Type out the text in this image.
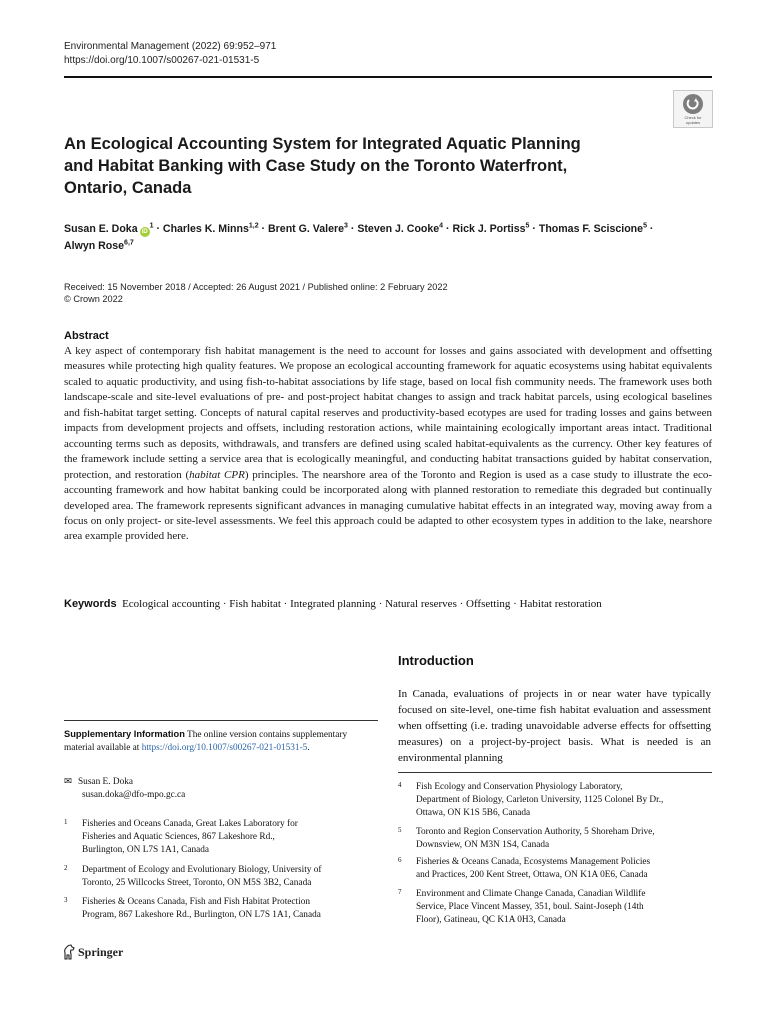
Environmental Management (2022) 69:952–971
https://doi.org/10.1007/s00267-021-01531-5
Check for
updates
An Ecological Accounting System for Integrated Aquatic Planning
and Habitat Banking with Case Study on the Toronto Waterfront,
Ontario, Canada
Susan E. Doka $iD^1$ · Charles K. Minns$^{1,2}$ · Brent G. Valere$^3$ · Steven J. Cooke$^4$ · Rick J. Portiss$^5$ · Thomas F. Sciscione$^5$ ·
Alwyn Rose$^{6,7}$
Received: 15 November 2018 / Accepted: 26 August 2021 / Published online: 2 February 2022
© Crown 2022
Abstract
A key aspect of contemporary fish habitat management is the need to account for losses and gains associated with development and offsetting measures while protecting high quality features. We propose an ecological accounting framework for aquatic ecosystems using habitat equivalents scaled to aquatic productivity, and using fish-to-habitat associations by life stage, based on local fish community needs. The framework uses both landscape-scale and site-level evaluations of pre- and post-project habitat changes to assign and track habitat parcels, using ecological baselines and fish-habitat target setting. Concepts of natural capital reserves and productivity-based ecotypes are used for trading losses and gains between impacts from development projects and offsets, including restoration actions, while maintaining ecologically important areas intact. Traditional accounting terms such as deposits, withdrawals, and transfers are defined using scaled habitat-equivalents as the currency. Other key features of the framework include setting a service area that is ecologically meaningful, and conducting habitat transactions guided by habitat conservation, protection, and restoration (habitat CPR) principles. The nearshore area of the Toronto and Region is used as a case study to illustrate the eco-accounting framework and how habitat banking could be incorporated along with planned restoration to remediate this degraded but continually developed area. The framework represents significant advances in managing cumulative habitat effects in an integrated way, moving away from a focus on only project- or site-level assessments. We feel this approach could be adapted to other ecosystem types in addition to the lake, nearshore area example provided here.
Keywords Ecological accounting · Fish habitat · Integrated planning · Natural reserves · Offsetting · Habitat restoration
Introduction
In Canada, evaluations of projects in or near water have typically focused on site-level, one-time fish habitat evaluation and assessment when offsetting (i.e. trading unavoidable adverse effects for offsetting measures) on a project-by-project basis. What is needed is an environmental planning
Supplementary Information The online version contains supplementary material available at https://doi.org/10.1007/s00267-021-01531-5.
✉ Susan E. Doka
susan.doka@dfo-mpo.gc.ca
1 Fisheries and Oceans Canada, Great Lakes Laboratory for
Fisheries and Aquatic Sciences, 867 Lakeshore Rd.,
Burlington, ON L7S 1A1, Canada
2 Department of Ecology and Evolutionary Biology, University of
Toronto, 25 Willcocks Street, Toronto, ON M5S 3B2, Canada
3 Fisheries & Oceans Canada, Fish and Fish Habitat Protection
Program, 867 Lakeshore Rd., Burlington, ON L7S 1A1, Canada
4 Fish Ecology and Conservation Physiology Laboratory,
Department of Biology, Carleton University, 1125 Colonel By Dr.,
Ottawa, ON K1S 5B6, Canada
5 Toronto and Region Conservation Authority, 5 Shoreham Drive,
Downsview, ON M3N 1S4, Canada
6 Fisheries & Oceans Canada, Ecosystems Management Policies
and Practices, 200 Kent Street, Ottawa, ON K1A 0E6, Canada
7 Environment and Climate Change Canada, Canadian Wildlife
Service, Place Vincent Massey, 351, boul. Saint-Joseph (14th
Floor), Gatineau, QC K1A 0H3, Canada
Springer
